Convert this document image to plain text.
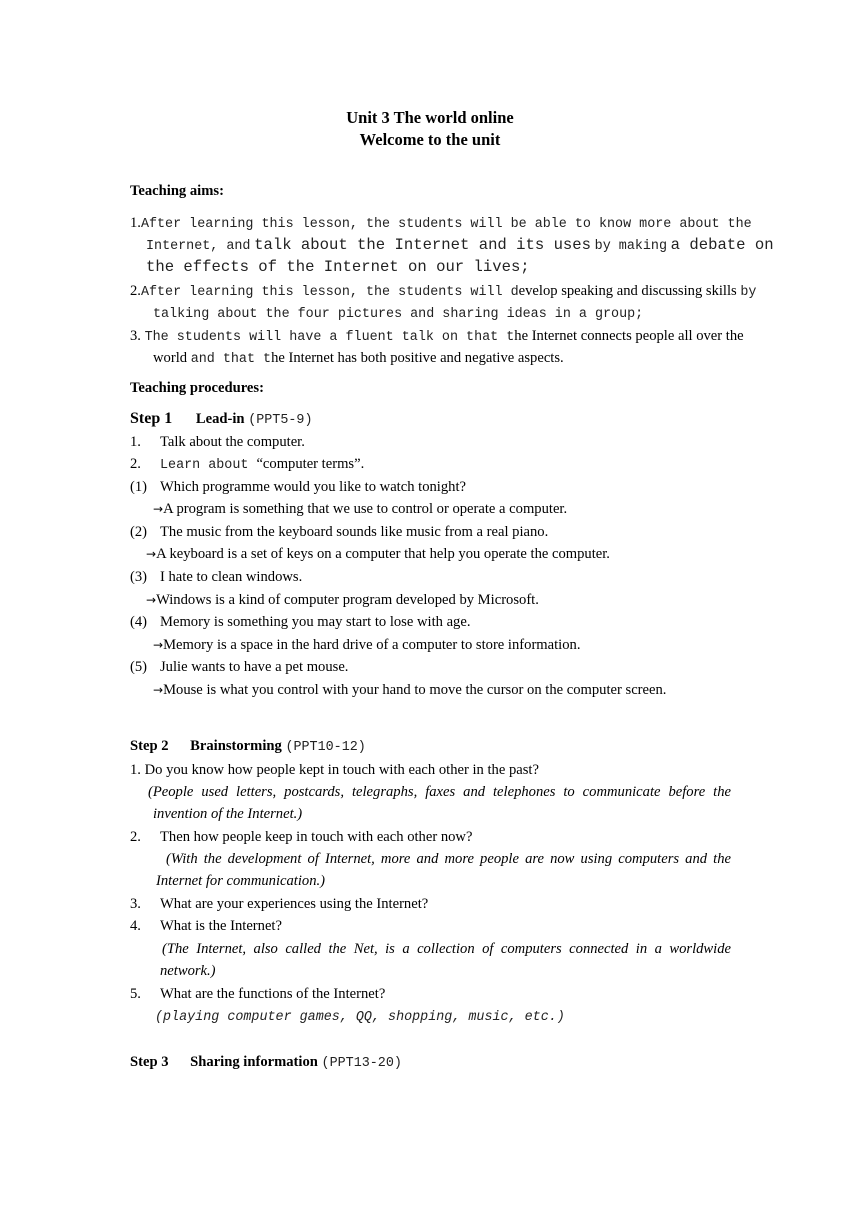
Unit 3 The world online
Welcome to the unit
Teaching aims:
1.After learning this lesson, the students will be able to know more about the
Internet, and talk about the Internet and its uses by making a debate on
the effects of the Internet on our lives;
2.After learning this lesson, the students will develop speaking and discussing skills by
talking about the four pictures and sharing ideas in a group;
3. The students will have a fluent talk on that the Internet connects people all over the
world and that the Internet has both positive and negative aspects.
Teaching procedures:
Step 1 Lead-in (PPT5-9)
1. Talk about the computer.
2. Learn about “computer terms”.
(1) Which programme would you like to watch tonight?
→A program is something that we use to control or operate a computer.
(2) The music from the keyboard sounds like music from a real piano.
→A keyboard is a set of keys on a computer that help you operate the computer.
(3) I hate to clean windows.
→Windows is a kind of computer program developed by Microsoft.
(4) Memory is something you may start to lose with age.
→Memory is a space in the hard drive of a computer to store information.
(5) Julie wants to have a pet mouse.
→Mouse is what you control with your hand to move the cursor on the computer screen.
Step 2 Brainstorming (PPT10-12)
1. Do you know how people kept in touch with each other in the past?
(People used letters, postcards, telegraphs, faxes and telephones to communicate before the
invention of the Internet.)
2. Then how people keep in touch with each other now?
(With the development of Internet, more and more people are now using computers and the
Internet for communication.)
3. What are your experiences using the Internet?
4. What is the Internet?
(The Internet, also called the Net, is a collection of computers connected in a worldwide
network.)
5. What are the functions of the Internet?
(playing computer games, QQ, shopping, music, etc.)
Step 3 Sharing information (PPT13-20)
